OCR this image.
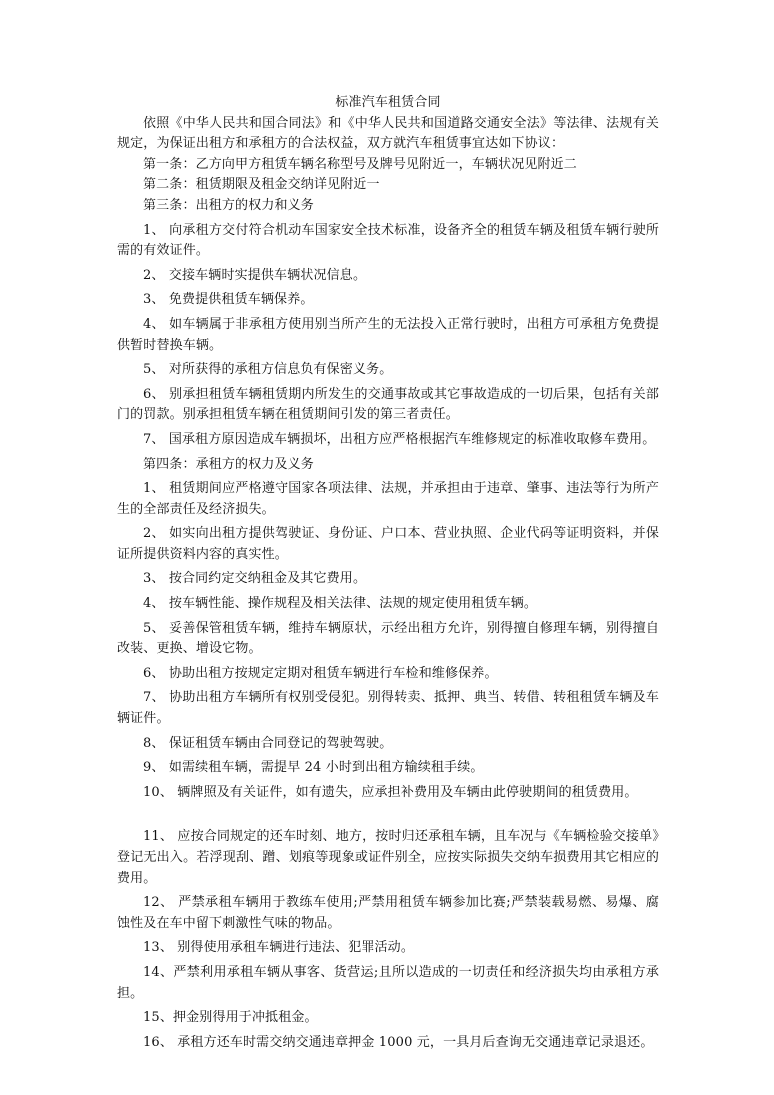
标准汽车租赁合同

依照《中华人民共和国合同法》和《中华人民共和国道路交通安全法》等法律、法规有关规定，为保证出租方和承租方的合法权益，双方就汽车租赁事宜达如下协议：

第一条：乙方向甲方租赁车辆名称型号及牌号见附近一，车辆状况见附近二

第二条：租赁期限及租金交纳详见附近一

第三条：出租方的权力和义务

1、 向承租方交付符合机动车国家安全技术标准，设备齐全的租赁车辆及租赁车辆行驶所需的有效证件。

2、 交接车辆时实提供车辆状况信息。

3、 免费提供租赁车辆保养。

4、 如车辆属于非承租方使用别当所产生的无法投入正常行驶时，出租方可承租方免费提供暂时替换车辆。

5、 对所获得的承租方信息负有保密义务。

6、 别承担租赁车辆租赁期内所发生的交通事故或其它事故造成的一切后果，包括有关部门的罚款。别承担租赁车辆在租赁期间引发的第三者责任。

7、 国承租方原因造成车辆损坏，出租方应严格根据汽车维修规定的标准收取修车费用。

第四条：承租方的权力及义务

1、 租赁期间应严格遵守国家各项法律、法规，并承担由于违章、肇事、违法等行为所产生的全部责任及经济损失。

2、 如实向出租方提供驾驶证、身份证、户口本、营业执照、企业代码等证明资料，并保证所提供资料内容的真实性。

3、 按合同约定交纳租金及其它费用。

4、 按车辆性能、操作规程及相关法律、法规的规定使用租赁车辆。

5、 妥善保管租赁车辆，维持车辆原状，示经出租方允许，别得擅自修理车辆，别得擅自改装、更换、增设它物。

6、 协助出租方按规定定期对租赁车辆进行车检和维修保养。

7、 协助出租方车辆所有权别受侵犯。别得转卖、抵押、典当、转借、转租租赁车辆及车辆证件。

8、 保证租赁车辆由合同登记的驾驶驾驶。

9、 如需续租车辆，需提早 24 小时到出租方输续租手续。

10、 辆牌照及有关证件，如有遗失，应承担补费用及车辆由此停驶期间的租赁费用。

11、 应按合同规定的还车时刻、地方，按时归还承租车辆，且车况与《车辆检验交接单》登记无出入。若浮现刮、蹭、划痕等现象或证件别全，应按实际损失交纳车损费用其它相应的费用。

12、 严禁承租车辆用于教练车使用;严禁用租赁车辆参加比赛;严禁装载易燃、易爆、腐蚀性及在车中留下刺激性气味的物品。

13、 别得使用承租车辆进行违法、犯罪活动。

14、严禁利用承租车辆从事客、货营运;且所以造成的一切责任和经济损失均由承租方承担。

15、押金别得用于冲抵租金。

16、 承租方还车时需交纳交通违章押金 1000 元，一具月后查询无交通违章记录退还。
